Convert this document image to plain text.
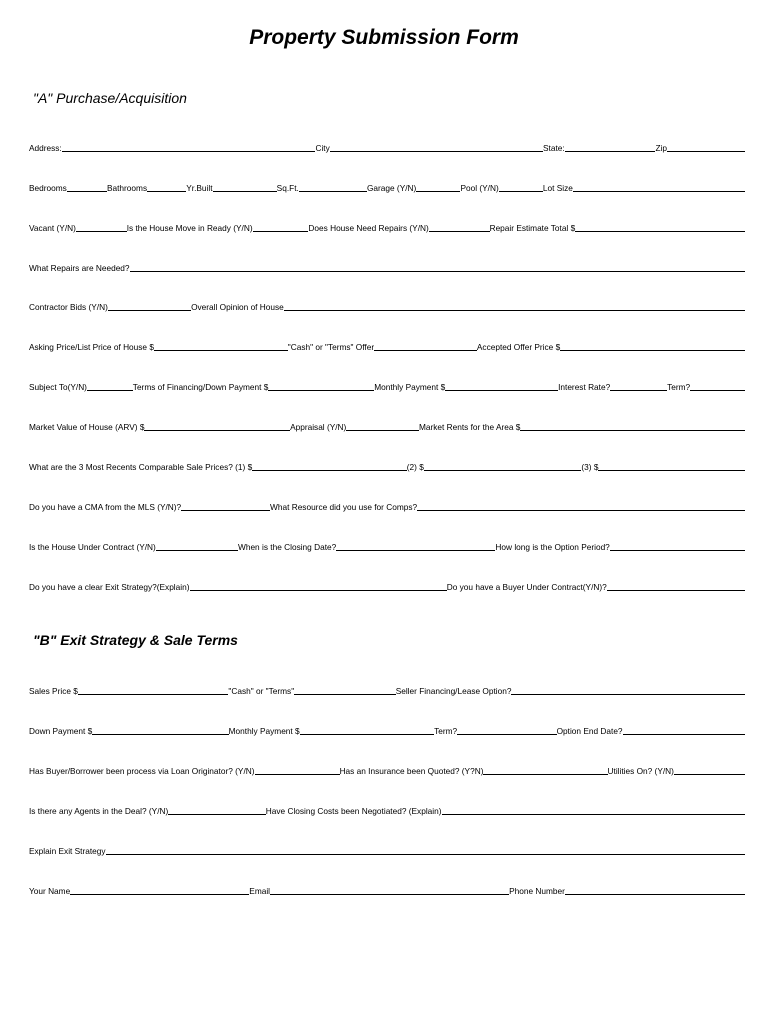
Property Submission Form
"A" Purchase/Acquisition
Address:	City	State:	Zip
Bedrooms	Bathrooms	Yr.Built	Sq.Ft.	Garage (Y/N)	Pool (Y/N)	Lot Size
Vacant (Y/N)	Is the House Move in Ready (Y/N)	Does House Need Repairs (Y/N)	Repair Estimate Total $
What Repairs are Needed?
Contractor Bids (Y/N)	Overall Opinion of House
Asking Price/List Price of House $	"Cash" or "Terms" Offer	Accepted Offer Price $
Subject To(Y/N)	Terms of Financing/Down Payment $	Monthly Payment $	Interest Rate?	Term?
Market Value of House (ARV) $	Appraisal (Y/N)	Market Rents for the Area $
What are the 3 Most Recents Comparable Sale Prices? (1) $	(2) $	(3) $
Do you have a CMA from the MLS (Y/N)?	What Resource did you use for Comps?
Is the House Under Contract (Y/N)	When is the Closing Date?	How long is the Option Period?
Do you have a clear Exit Strategy?(Explain)	Do you have a Buyer Under Contract(Y/N)?
"B" Exit Strategy & Sale Terms
Sales Price $	"Cash" or "Terms"	Seller Financing/Lease Option?
Down Payment $	Monthly Payment $	Term?	Option End Date?
Has Buyer/Borrower been process via Loan Originator? (Y/N)	Has an Insurance been Quoted? (Y?N)	Utilities On? (Y/N)
Is there any Agents in the Deal? (Y/N)	Have Closing Costs been Negotiated? (Explain)
Explain Exit Strategy
Your Name	Email	Phone Number
